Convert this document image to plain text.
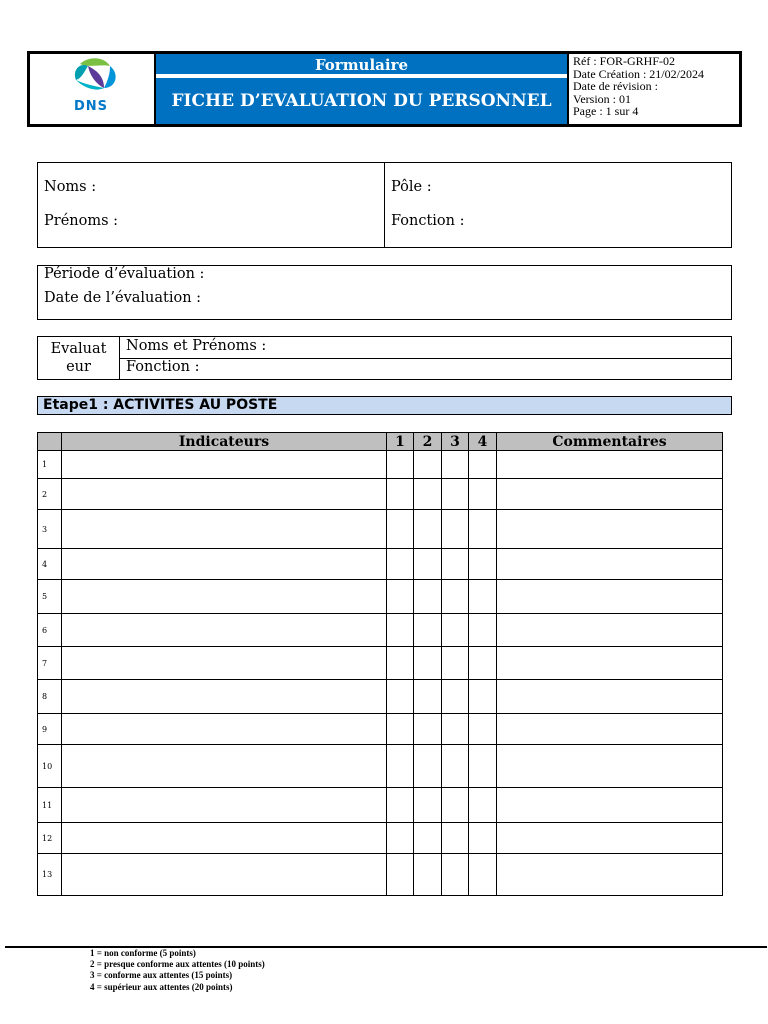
DNS
Formulaire
FICHE D’EVALUATION DU PERSONNEL
Réf : FOR-GRHF-02
Date Création : 21/02/2024
Date de révision :
Version : 01
Page : 1 sur 4
Noms :
Prénoms :
Pôle :
Fonction :
Période d’évaluation :
Date de l’évaluation :
Evaluat
eur
Noms et Prénoms :
Fonction :
Etape1 : ACTIVITES AU POSTE
	Indicateurs	1	2	3	4	Commentaires
1						
2						
3						
4						
5						
6						
7						
8						
9						
10						
11						
12						
13						
1 = non conforme (5 points)
2 = presque conforme aux attentes (10 points)
3 = conforme aux attentes (15 points)
4 = supérieur aux attentes (20 points)
